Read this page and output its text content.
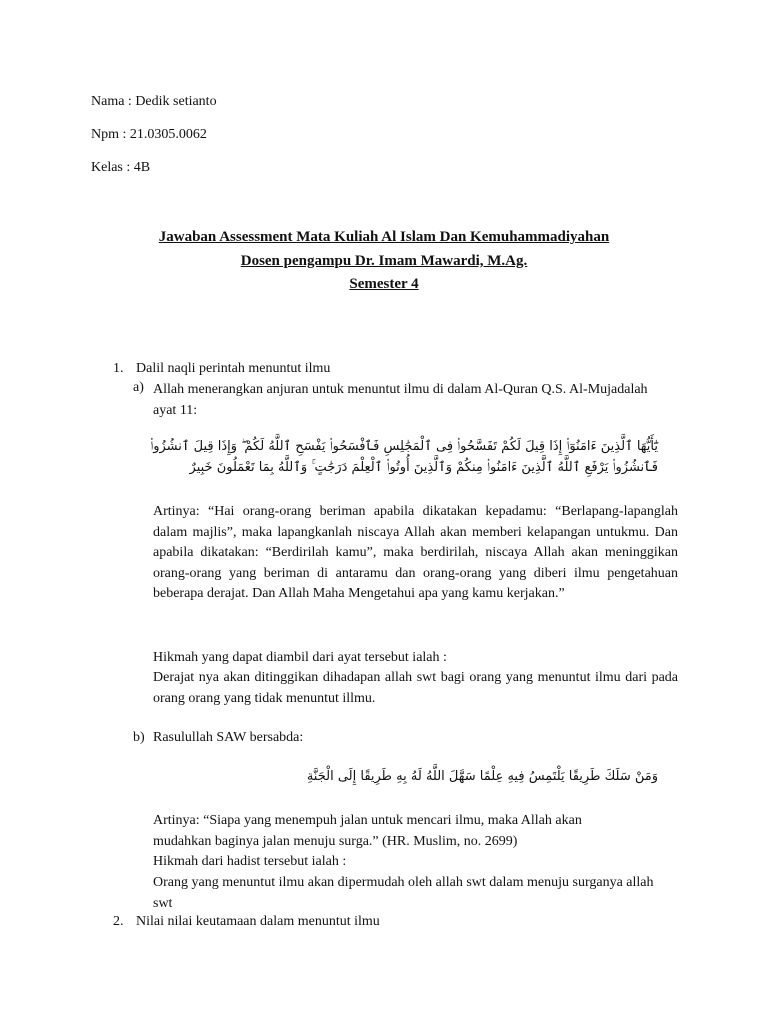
Nama : Dedik setianto
Npm : 21.0305.0062
Kelas : 4B
Jawaban Assessment Mata Kuliah Al Islam Dan Kemuhammadiyahan
Dosen pengampu Dr. Imam Mawardi, M.Ag.
Semester 4
1. Dalil naqli perintah menuntut ilmu
a) Allah menerangkan anjuran untuk menuntut ilmu di dalam Al-Quran Q.S. Al-Mujadalah ayat 11:
يَٰٓأَيُّهَا ٱلَّذِينَ ءَامَنُوٓا۟ إِذَا قِيلَ لَكُمْ تَفَسَّحُوا۟ فِى ٱلْمَجَٰلِسِ فَٱفْسَحُوا۟ يَفْسَحِ ٱللَّهُ لَكُمْ ۖ وَإِذَا قِيلَ ٱنشُزُوا۟ فَٱنشُزُوا۟ يَرْفَعِ ٱللَّهُ ٱلَّذِينَ ءَامَنُوا۟ مِنكُمْ وَٱلَّذِينَ أُوتُوا۟ ٱلْعِلْمَ دَرَجَٰتٍ ۚ وَٱللَّهُ بِمَا تَعْمَلُونَ خَبِيرٌ
Artinya: “Hai orang-orang beriman apabila dikatakan kepadamu: “Berlapang-lapanglah dalam majlis”, maka lapangkanlah niscaya Allah akan memberi kelapangan untukmu. Dan apabila dikatakan: “Berdirilah kamu”, maka berdirilah, niscaya Allah akan meninggikan orang-orang yang beriman di antaramu dan orang-orang yang diberi ilmu pengetahuan beberapa derajat. Dan Allah Maha Mengetahui apa yang kamu kerjakan.”
Hikmah yang dapat diambil dari ayat tersebut ialah :
Derajat nya akan ditinggikan dihadapan allah swt bagi orang yang menuntut ilmu dari pada orang orang yang tidak menuntut illmu.
b) Rasulullah SAW bersabda:
وَمَنْ سَلَكَ طَرِيقًا يَلْتَمِسُ فِيهِ عِلْمًا سَهَّلَ اللَّهُ لَهُ بِهِ طَرِيقًا إِلَى الْجَنَّةِ
Artinya: “Siapa yang menempuh jalan untuk mencari ilmu, maka Allah akan mudahkan baginya jalan menuju surga.” (HR. Muslim, no. 2699)
Hikmah dari hadist tersebut ialah :
Orang yang menuntut ilmu akan dipermudah oleh allah swt dalam menuju surganya allah swt
2. Nilai nilai keutamaan dalam menuntut ilmu
